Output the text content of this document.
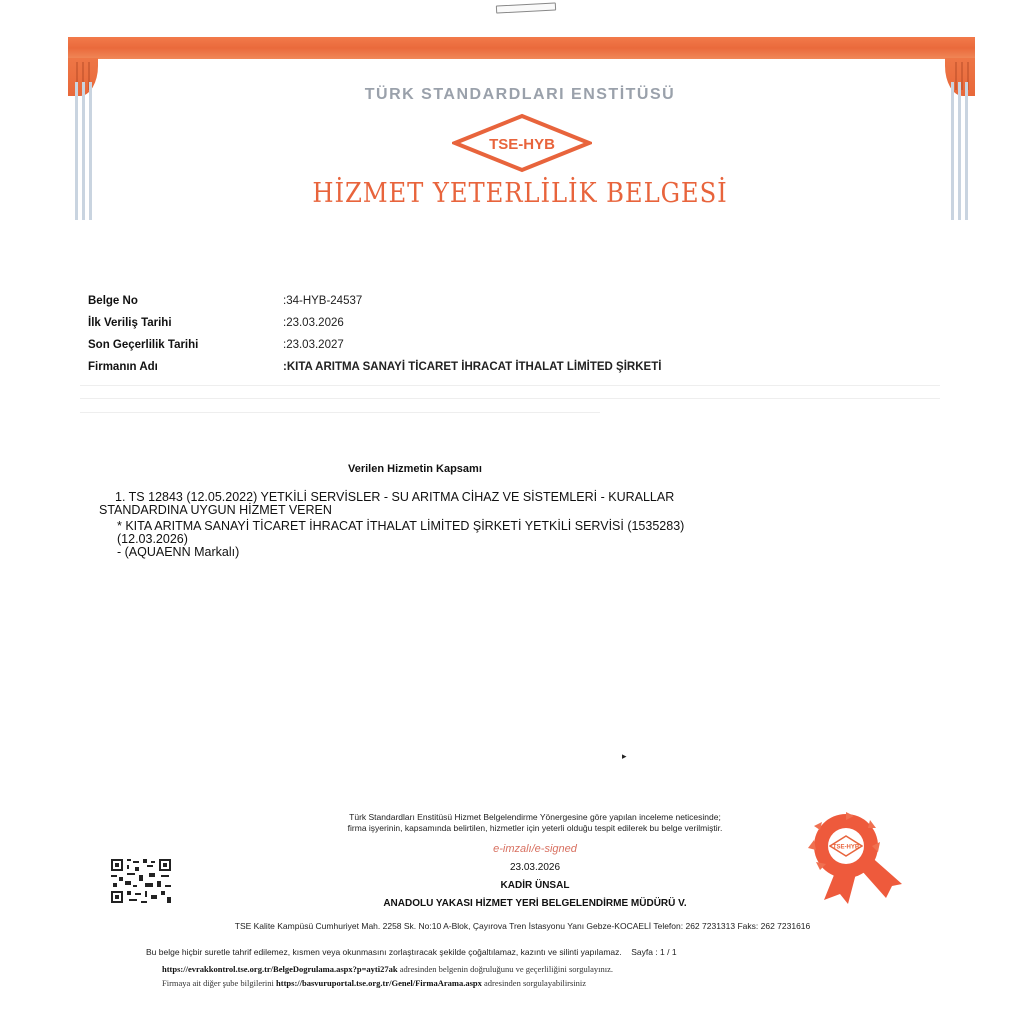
TÜRK STANDARDLARI ENSTİTÜSÜ
TSE-HYB
HİZMET YETERLİLİK BELGESİ
Belge No	:34-HYB-24537
İlk Veriliş Tarihi	:23.03.2026
Son Geçerlilik Tarihi	:23.03.2027
Firmanın Adı	:KITA ARITMA SANAYİ TİCARET İHRACAT İTHALAT LİMİTED ŞİRKETİ
Verilen Hizmetin Kapsamı
1. TS 12843 (12.05.2022) YETKİLİ SERVİSLER - SU ARITMA CİHAZ VE SİSTEMLERİ - KURALLAR
STANDARDINA UYGUN HİZMET VEREN
* KITA ARITMA SANAYİ TİCARET İHRACAT İTHALAT LİMİTED ŞİRKETİ YETKİLİ SERVİSİ (1535283)
(12.03.2026)
- (AQUAENN Markalı)
▸
Türk Standardları Enstitüsü Hizmet Belgelendirme Yönergesine göre yapılan inceleme neticesinde;
firma işyerinin, kapsamında belirtilen, hizmetler için yeterli olduğu tespit edilerek bu belge verilmiştir.
e-imzalı/e-signed
23.03.2026
KADİR ÜNSAL
ANADOLU YAKASI HİZMET YERİ BELGELENDİRME MÜDÜRÜ V.
TSE-HYB
TSE Kalite Kampüsü Cumhuriyet Mah. 2258 Sk. No:10 A-Blok, Çayırova Tren İstasyonu Yanı Gebze-KOCAELİ Telefon: 262 7231313 Faks: 262 7231616
Bu belge hiçbir suretle tahrif edilemez, kısmen veya okunmasını zorlaştıracak şekilde çoğaltılamaz, kazıntı ve silinti yapılamaz. Sayfa : 1 / 1
https://evrakkontrol.tse.org.tr/BelgeDogrulama.aspx?p=ayti27ak adresinden belgenin doğruluğunu ve geçerliliğini sorgulayınız.
Firmaya ait diğer şube bilgilerini https://basvuruportal.tse.org.tr/Genel/FirmaArama.aspx adresinden sorgulayabilirsiniz
